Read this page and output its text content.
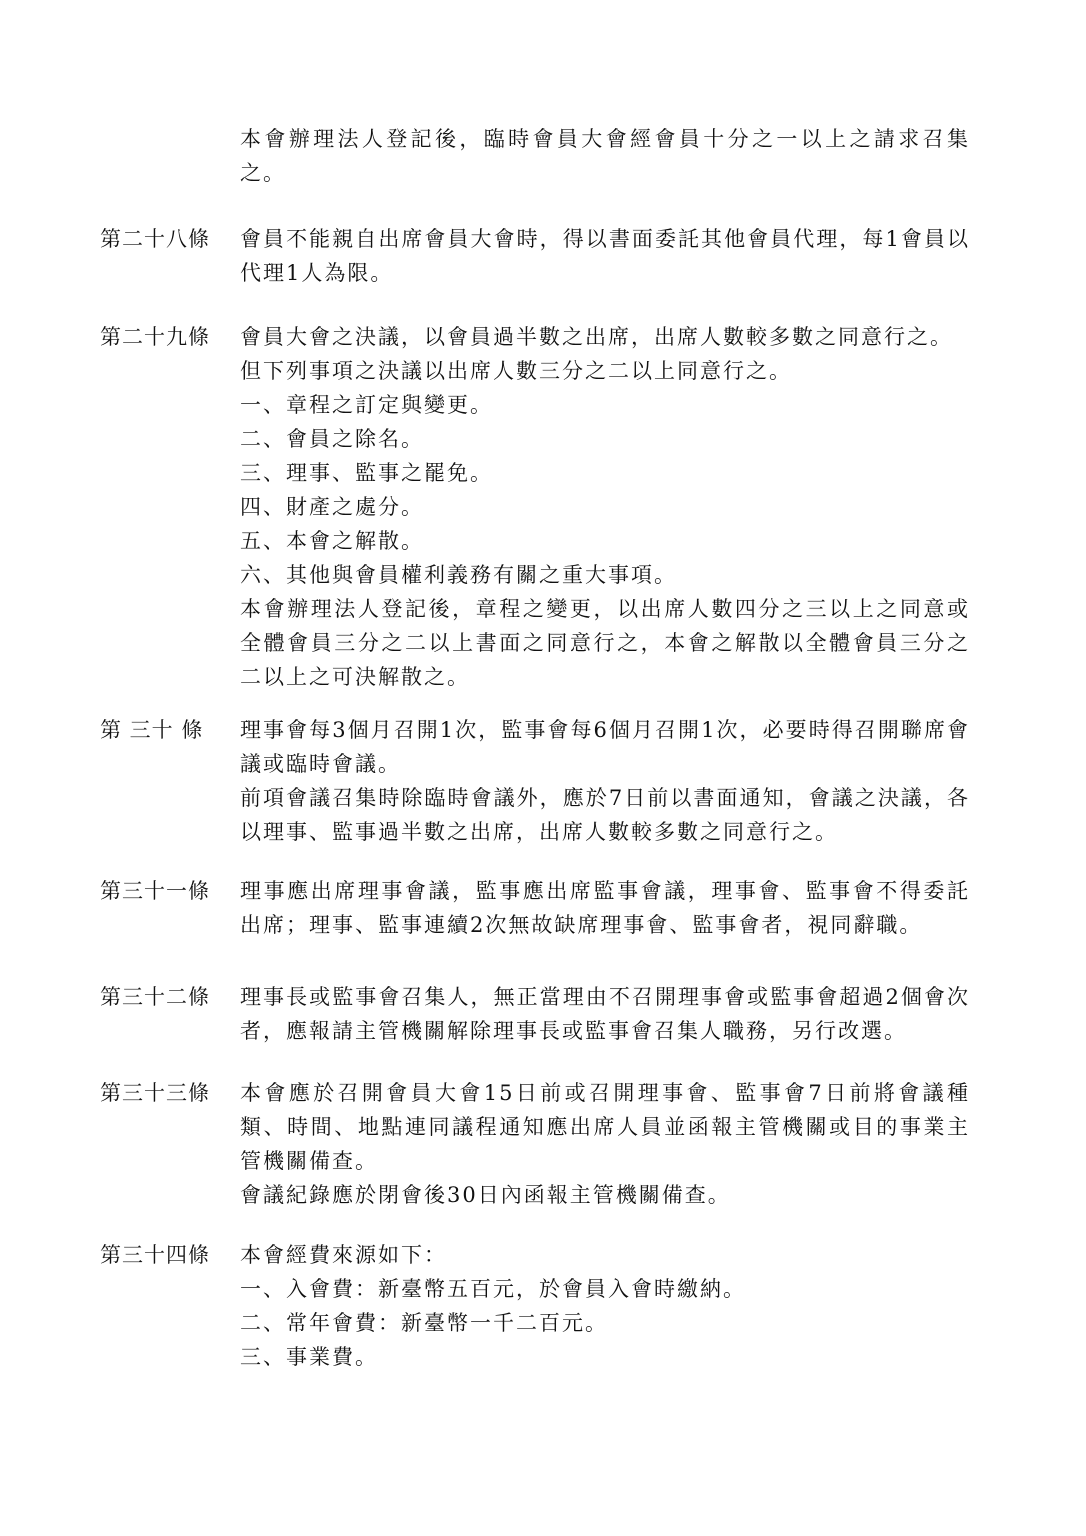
本會辦理法人登記後，臨時會員大會經會員十分之一以上之請求召集之。

第二十八條	會員不能親自出席會員大會時，得以書面委託其他會員代理，每1會員以代理1人為限。

第二十九條	會員大會之決議，以會員過半數之出席，出席人數較多數之同意行之。

但下列事項之決議以出席人數三分之二以上同意行之。

一、章程之訂定與變更。

二、會員之除名。

三、理事、監事之罷免。

四、財產之處分。

五、本會之解散。

六、其他與會員權利義務有關之重大事項。

本會辦理法人登記後，章程之變更，以出席人數四分之三以上之同意或全體會員三分之二以上書面之同意行之，本會之解散以全體會員三分之二以上之可決解散之。

第 三十 條	理事會每3個月召開1次，監事會每6個月召開1次，必要時得召開聯席會議或臨時會議。

前項會議召集時除臨時會議外，應於7日前以書面通知，會議之決議，各以理事、監事過半數之出席，出席人數較多數之同意行之。

第三十一條	理事應出席理事會議，監事應出席監事會議，理事會、監事會不得委託出席；理事、監事連續2次無故缺席理事會、監事會者，視同辭職。

第三十二條	理事長或監事會召集人，無正當理由不召開理事會或監事會超過2個會次者，應報請主管機關解除理事長或監事會召集人職務，另行改選。

第三十三條	本會應於召開會員大會15日前或召開理事會、監事會7日前將會議種類、時間、地點連同議程通知應出席人員並函報主管機關或目的事業主管機關備查。

會議紀錄應於閉會後30日內函報主管機關備查。

第三十四條	本會經費來源如下：

一、入會費：新臺幣五百元，於會員入會時繳納。

二、常年會費：新臺幣一千二百元。

三、事業費。
